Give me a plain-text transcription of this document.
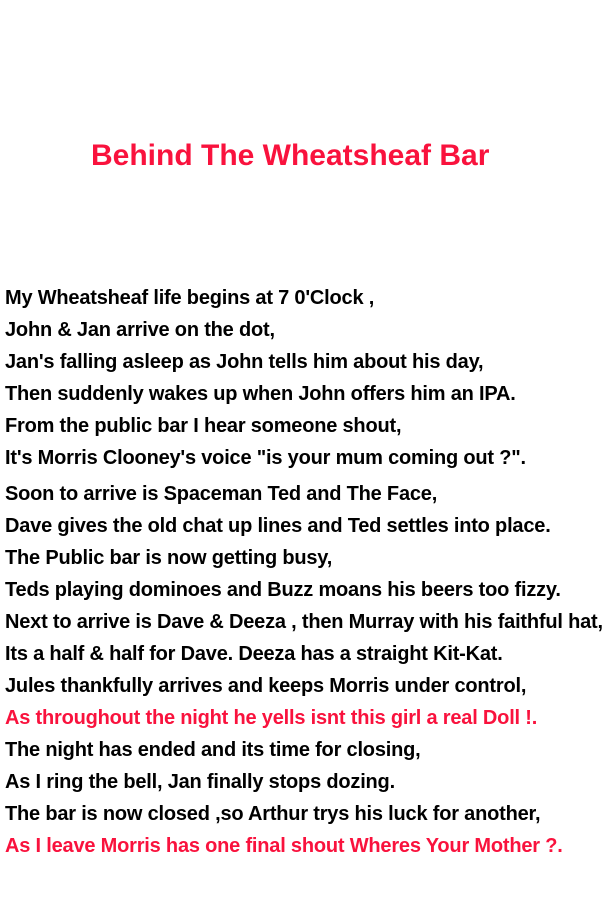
Behind The Wheatsheaf Bar

My Wheatsheaf life begins at 7 0'Clock ,

John & Jan arrive on the dot,

Jan's falling asleep as John tells him about his day,

Then suddenly wakes up when John offers him an IPA.

From the public bar I hear someone shout,

It's Morris Clooney's voice "is your mum coming out ?".

Soon to arrive is Spaceman Ted and The Face,

Dave gives the old chat up lines and Ted settles into place.

The Public bar is now getting busy,

Teds playing dominoes and Buzz moans his beers too fizzy.

Next to arrive is Dave & Deeza , then Murray with his faithful hat,

Its a half & half for Dave. Deeza has a straight Kit-Kat.

Jules thankfully arrives and keeps Morris under control,

As throughout the night he yells isnt this girl a real Doll !.

The night has ended and its time for closing,

As I ring the bell, Jan finally stops dozing.

The bar is now closed ,so Arthur trys his luck for another,

As I leave Morris has one final shout Wheres Your Mother ?.
